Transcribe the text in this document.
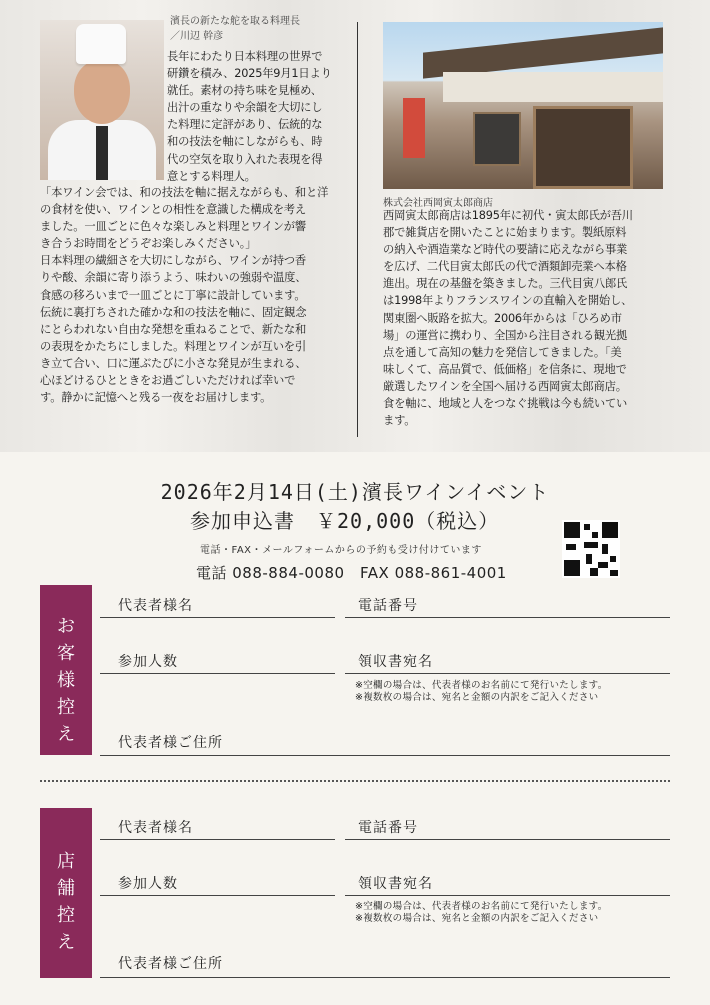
濱長の新たな舵を取る料理長
／川辺 幹彦
長年にわたり日本料理の世界で
研鑽を積み、2025年9月1日より
就任。素材の持ち味を見極め、
出汁の重なりや余韻を大切にし
た料理に定評があり、伝統的な
和の技法を軸にしながらも、時
代の空気を取り入れた表現を得
意とする料理人。
「本ワイン会では、和の技法を軸に据えながらも、和と洋
の食材を使い、ワインとの相性を意識した構成を考え
ました。一皿ごとに色々な楽しみと料理とワインが響
き合うお時間をどうぞお楽しみください。」
日本料理の繊細さを大切にしながら、ワインが持つ香
りや酸、余韻に寄り添うよう、味わいの強弱や温度、
食感の移ろいまで一皿ごとに丁寧に設計しています。
伝統に裏打ちされた確かな和の技法を軸に、固定観念
にとらわれない自由な発想を重ねることで、新たな和
の表現をかたちにしました。料理とワインが互いを引
き立て合い、口に運ぶたびに小さな発見が生まれる、
心ほどけるひとときをお過ごしいただければ幸いで
す。静かに記憶へと残る一夜をお届けします。
株式会社西岡寅太郎商店
西岡寅太郎商店は1895年に初代・寅太郎氏が吾川
郡で雑貨店を開いたことに始まります。製紙原料
の納入や酒造業など時代の要請に応えながら事業
を広げ、二代目寅太郎氏の代で酒類卸売業へ本格
進出。現在の基盤を築きました。三代目寅八郎氏
は1998年よりフランスワインの直輸入を開始し、
関東圏へ販路を拡大。2006年からは「ひろめ市
場」の運営に携わり、全国から注目される観光拠
点を通して高知の魅力を発信してきました。「美
味しくて、高品質で、低価格」を信条に、現地で
厳選したワインを全国へ届ける西岡寅太郎商店。
食を軸に、地域と人をつなぐ挑戦は今も続いてい
ます。
2026年2月14日(土)濱長ワインイベント
参加申込書　￥20,000（税込）
電話・FAX・メールフォームからの予約も受け付けています
電話 088-884-0080　FAX 088-861-4001
お
客
様
控
え
代表者様名	電話番号
参加人数	領収書宛名
※空欄の場合は、代表者様のお名前にて発行いたします。
※複数枚の場合は、宛名と金額の内訳をご記入ください
代表者様ご住所
店
舗
控
え
代表者様名	電話番号
参加人数	領収書宛名
※空欄の場合は、代表者様のお名前にて発行いたします。
※複数枚の場合は、宛名と金額の内訳をご記入ください
代表者様ご住所
